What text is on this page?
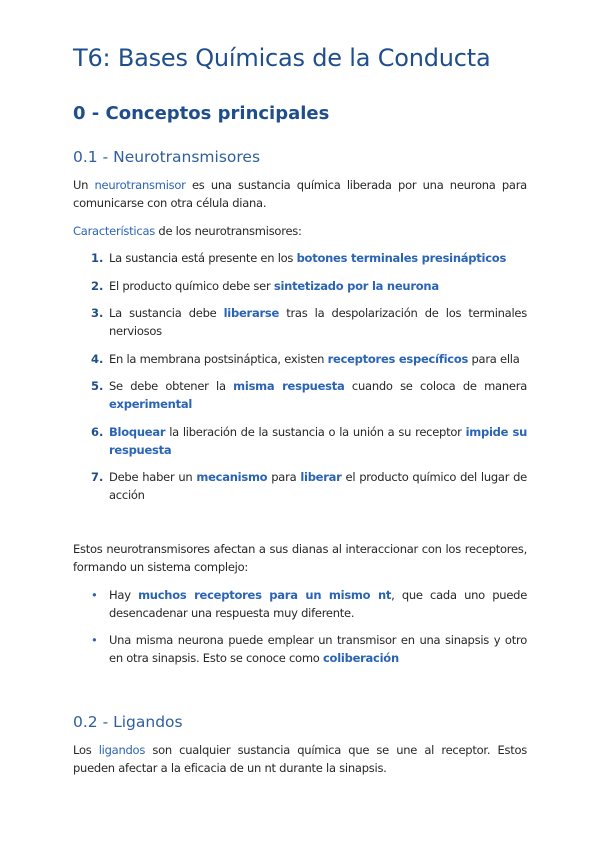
T6: Bases Químicas de la Conducta
0 - Conceptos principales
0.1 - Neurotransmisores

Un neurotransmisor es una sustancia química liberada por una neurona para comunicarse con otra célula diana.

Características de los neurotransmisores:

1. La sustancia está presente en los botones terminales presinápticos
2. El producto químico debe ser sintetizado por la neurona
3. La sustancia debe liberarse tras la despolarización de los terminales nerviosos
4. En la membrana postsináptica, existen receptores específicos para ella
5. Se debe obtener la misma respuesta cuando se coloca de manera experimental
6. Bloquear la liberación de la sustancia o la unión a su receptor impide su respuesta
7. Debe haber un mecanismo para liberar el producto químico del lugar de acción

Estos neurotransmisores afectan a sus dianas al interaccionar con los receptores, formando un sistema complejo:

• Hay muchos receptores para un mismo nt, que cada uno puede desencadenar una respuesta muy diferente.
• Una misma neurona puede emplear un transmisor en una sinapsis y otro en otra sinapsis. Esto se conoce como coliberación
0.2 - Ligandos

Los ligandos son cualquier sustancia química que se une al receptor. Estos pueden afectar a la eficacia de un nt durante la sinapsis.
